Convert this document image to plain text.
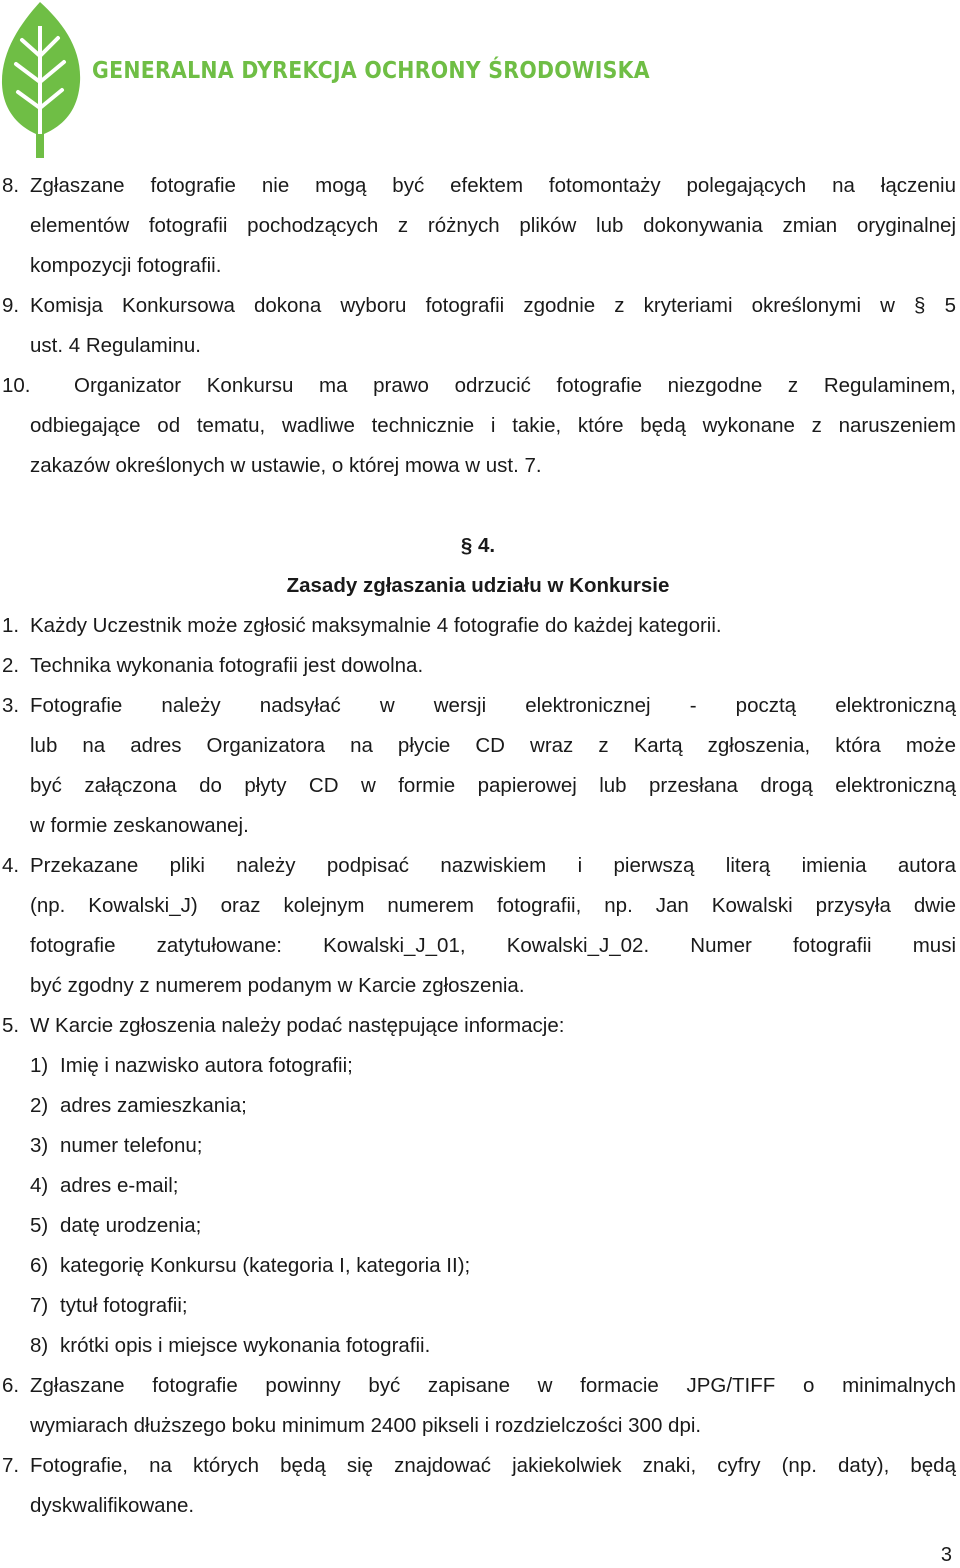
GENERALNA DYREKCJA OCHRONY ŚRODOWISKA
8. Zgłaszane fotografie nie mogą być efektem fotomontaży polegających na łączeniu
elementów fotografii pochodzących z różnych plików lub dokonywania zmian oryginalnej
kompozycji fotografii.
9. Komisja Konkursowa dokona wyboru fotografii zgodnie z kryteriami określonymi w § 5
ust. 4 Regulaminu.
10. Organizator Konkursu ma prawo odrzucić fotografie niezgodne z Regulaminem,
odbiegające od tematu, wadliwe technicznie i takie, które będą wykonane z naruszeniem
zakazów określonych w ustawie, o której mowa w ust. 7.
§ 4.
Zasady zgłaszania udziału w Konkursie
1. Każdy Uczestnik może zgłosić maksymalnie 4 fotografie do każdej kategorii.
2. Technika wykonania fotografii jest dowolna.
3. Fotografie należy nadsyłać w wersji elektronicznej - pocztą elektroniczną
lub na adres Organizatora na płycie CD wraz z Kartą zgłoszenia, która może
być załączona do płyty CD w formie papierowej lub przesłana drogą elektroniczną
w formie zeskanowanej.
4. Przekazane pliki należy podpisać nazwiskiem i pierwszą literą imienia autora
(np. Kowalski_J) oraz kolejnym numerem fotografii, np. Jan Kowalski przysyła dwie
fotografie zatytułowane: Kowalski_J_01, Kowalski_J_02. Numer fotografii musi
być zgodny z numerem podanym w Karcie zgłoszenia.
5. W Karcie zgłoszenia należy podać następujące informacje:
1) Imię i nazwisko autora fotografii;
2) adres zamieszkania;
3) numer telefonu;
4) adres e-mail;
5) datę urodzenia;
6) kategorię Konkursu (kategoria I, kategoria II);
7) tytuł fotografii;
8) krótki opis i miejsce wykonania fotografii.
6. Zgłaszane fotografie powinny być zapisane w formacie JPG/TIFF o minimalnych
wymiarach dłuższego boku minimum 2400 pikseli i rozdzielczości 300 dpi.
7. Fotografie, na których będą się znajdować jakiekolwiek znaki, cyfry (np. daty), będą
dyskwalifikowane.
3
